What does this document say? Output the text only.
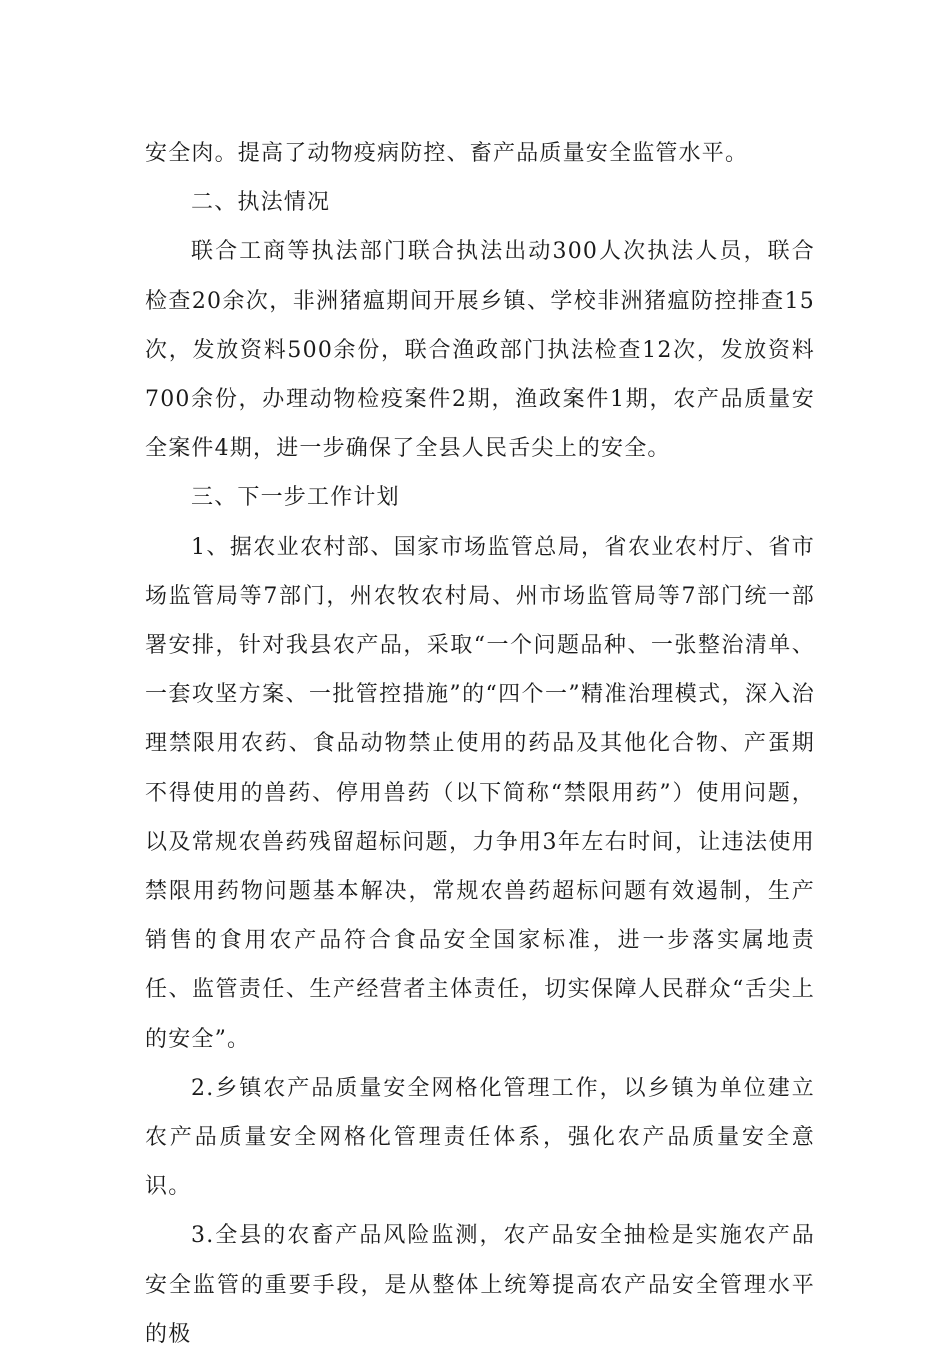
安全肉。提高了动物疫病防控、畜产品质量安全监管水平。

二、执法情况

联合工商等执法部门联合执法出动300人次执法人员，联合检查20余次，非洲猪瘟期间开展乡镇、学校非洲猪瘟防控排查15次，发放资料500余份，联合渔政部门执法检查12次，发放资料700余份，办理动物检疫案件2期，渔政案件1期，农产品质量安全案件4期，进一步确保了全县人民舌尖上的安全。

三、下一步工作计划

1、据农业农村部、国家市场监管总局，省农业农村厅、省市场监管局等7部门，州农牧农村局、州市场监管局等7部门统一部署安排，针对我县农产品，采取“一个问题品种、一张整治清单、一套攻坚方案、一批管控措施”的“四个一”精准治理模式，深入治理禁限用农药、食品动物禁止使用的药品及其他化合物、产蛋期不得使用的兽药、停用兽药（以下简称“禁限用药”）使用问题，以及常规农兽药残留超标问题，力争用3年左右时间，让违法使用禁限用药物问题基本解决，常规农兽药超标问题有效遏制，生产销售的食用农产品符合食品安全国家标准，进一步落实属地责任、监管责任、生产经营者主体责任，切实保障人民群众“舌尖上的安全”。

2.乡镇农产品质量安全网格化管理工作，以乡镇为单位建立农产品质量安全网格化管理责任体系，强化农产品质量安全意识。

3.全县的农畜产品风险监测，农产品安全抽检是实施农产品安全监管的重要手段，是从整体上统筹提高农产品安全管理水平的极
